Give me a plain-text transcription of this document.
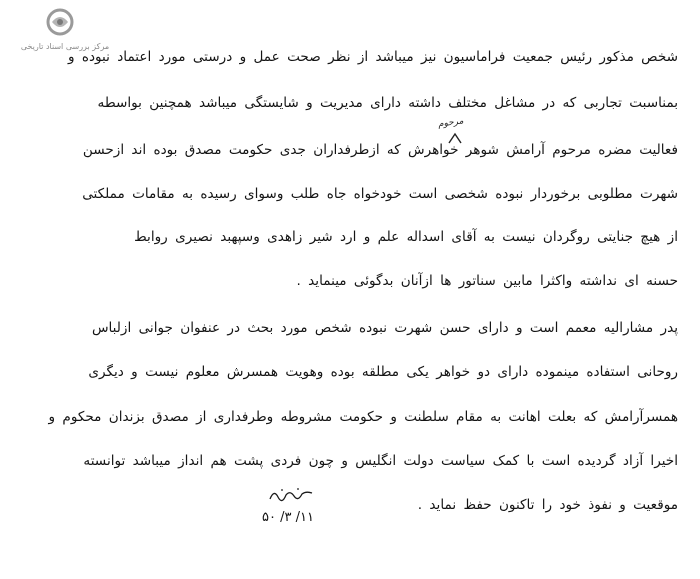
مرکز بررسی اسناد تاریخی
شخص مذکور رئیس جمعیت فراماسیون نیز میباشد از نظر صحت عمل و درستی مورد اعتماد نبوده و
بمناسبت تجاربی که در مشاغل مختلف داشته دارای مدیریت و شایستگی میباشد همچنین بواسطه
فعالیت مضره مرحوم آرامش شوهر خواهرش که ازطرفداران جدی حکومت مصدق بوده اند ازحسن
شهرت مطلوبی برخوردار نبوده شخصی است خودخواه جاه طلب وسوای رسیده به مقامات مملکتی
از هیچ جنایتی روگردان نیست به آقای اسداله علم و ارد شیر زاهدی وسپهبد نصیری روابط
حسنه ای نداشته واکثرا مابین سناتور ها ازآنان بدگوئی مینماید .
پدر مشارالیه معمم است و دارای حسن شهرت نبوده شخص مورد بحث در عنفوان جوانی ازلباس
روحانی استفاده مینموده دارای دو خواهر یکی مطلقه بوده وهویت همسرش معلوم نیست و دیگری
همسرآرامش که بعلت اهانت به مقام سلطنت و حکومت مشروطه وطرفداری از مصدق بزندان محکوم و
اخیرا آزاد گردیده است با کمک سیاست دولت انگلیس و چون فردی پشت هم انداز میباشد توانسته
موقعیت و نفوذ خود را تاکنون حفظ نماید .
مرحوم
۱۱/ ۳/ ۵۰
